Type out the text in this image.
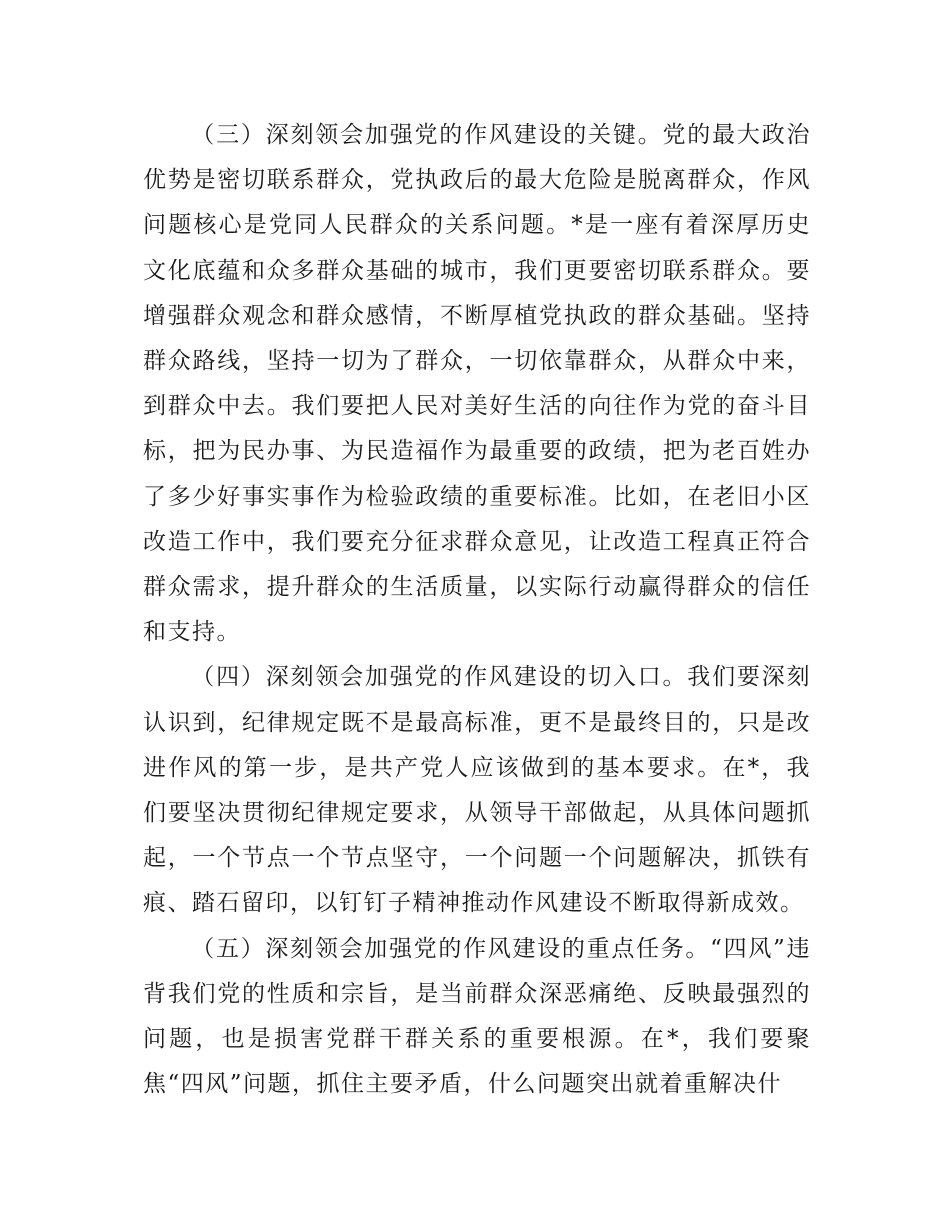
（三）深刻领会加强党的作风建设的关键。党的最大政治优势是密切联系群众，党执政后的最大危险是脱离群众，作风问题核心是党同人民群众的关系问题。*是一座有着深厚历史文化底蕴和众多群众基础的城市，我们更要密切联系群众。要增强群众观念和群众感情，不断厚植党执政的群众基础。坚持群众路线，坚持一切为了群众，一切依靠群众，从群众中来，到群众中去。我们要把人民对美好生活的向往作为党的奋斗目标，把为民办事、为民造福作为最重要的政绩，把为老百姓办了多少好事实事作为检验政绩的重要标准。比如，在老旧小区改造工作中，我们要充分征求群众意见，让改造工程真正符合群众需求，提升群众的生活质量，以实际行动赢得群众的信任和支持。

（四）深刻领会加强党的作风建设的切入口。我们要深刻认识到，纪律规定既不是最高标准，更不是最终目的，只是改进作风的第一步，是共产党人应该做到的基本要求。在*，我们要坚决贯彻纪律规定要求，从领导干部做起，从具体问题抓起，一个节点一个节点坚守，一个问题一个问题解决，抓铁有痕、踏石留印，以钉钉子精神推动作风建设不断取得新成效。

（五）深刻领会加强党的作风建设的重点任务。“四风”违背我们党的性质和宗旨，是当前群众深恶痛绝、反映最强烈的问题，也是损害党群干群关系的重要根源。在*，我们要聚焦“四风”问题，抓住主要矛盾，什么问题突出就着重解决什
